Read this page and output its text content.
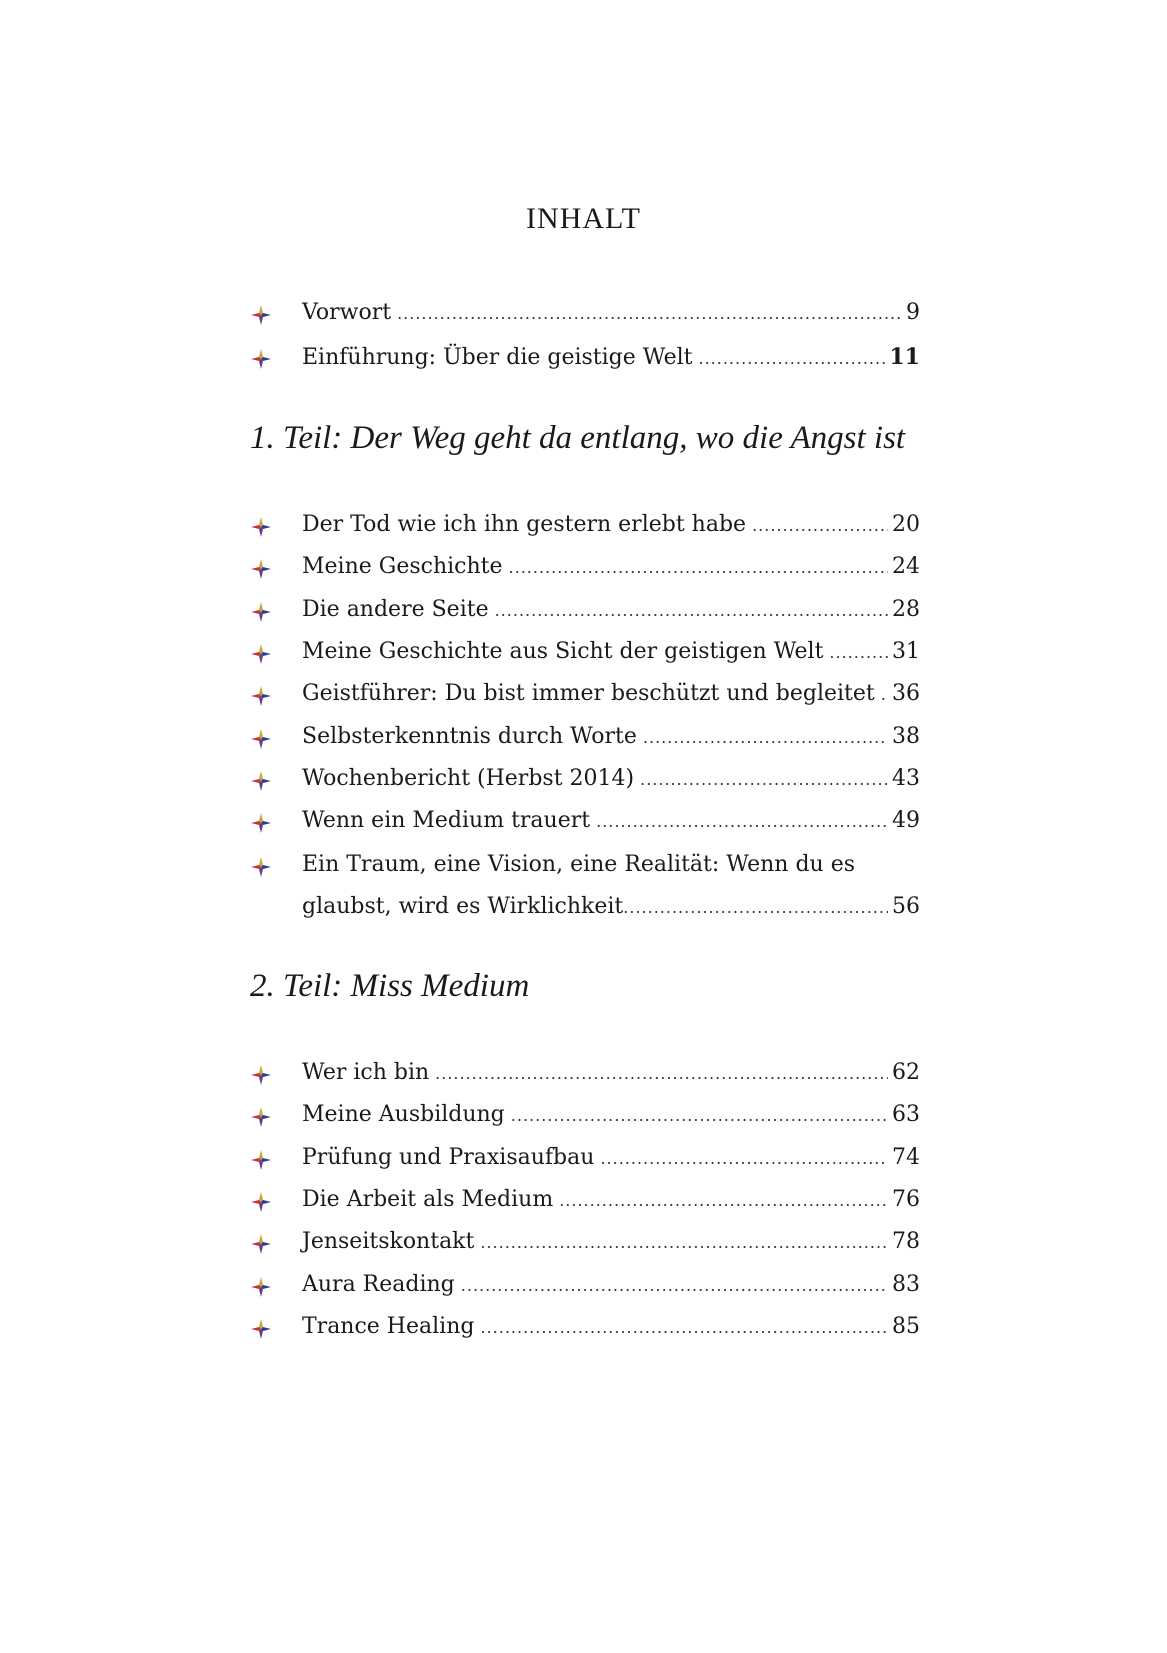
INHALT
Vorwort .....	9
Einführung: Über die geistige Welt .....	11
1. Teil: Der Weg geht da entlang, wo die Angst ist
Der Tod wie ich ihn gestern erlebt habe .....	20
Meine Geschichte .....	24
Die andere Seite .....	28
Meine Geschichte aus Sicht der geistigen Welt .....	31
Geistführer: Du bist immer beschützt und begleitet ..... 36
Selbsterkenntnis durch Worte .....	38
Wochenbericht (Herbst 2014) .....	43
Wenn ein Medium trauert .....	49
Ein Traum, eine Vision, eine Realität: Wenn du es
glaubst, wird es Wirklichkeit .....	56
2. Teil: Miss Medium
Wer ich bin .....	62
Meine Ausbildung .....	63
Prüfung und Praxisaufbau .....	74
Die Arbeit als Medium .....	76
Jenseitskontakt .....	78
Aura Reading .....	83
Trance Healing .....	85
